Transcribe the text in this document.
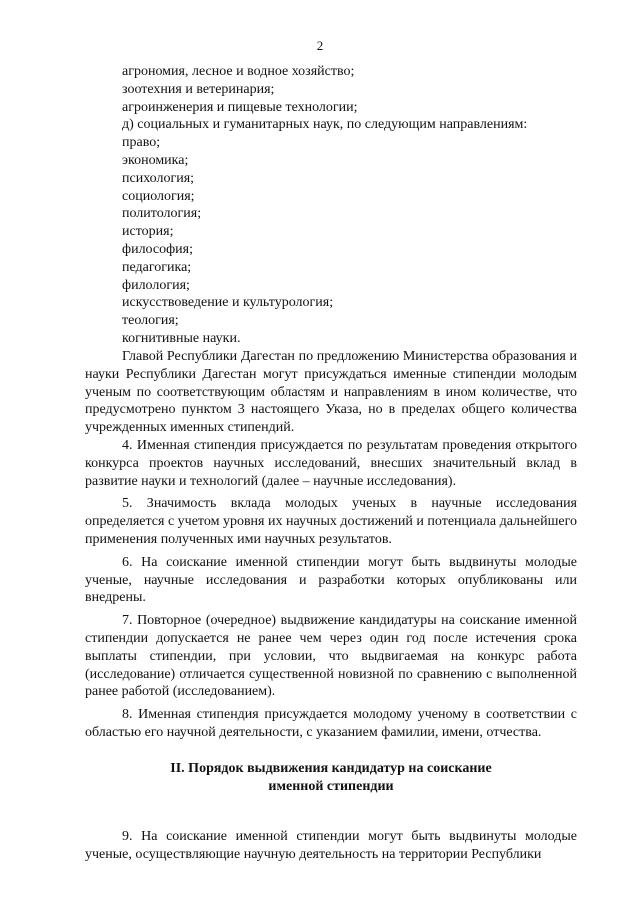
2
агрономия, лесное и водное хозяйство;
зоотехния и ветеринария;
агроинженерия и пищевые технологии;
д) социальных и гуманитарных наук, по следующим направлениям:
право;
экономика;
психология;
социология;
политология;
история;
философия;
педагогика;
филология;
искусствоведение и культурология;
теология;
когнитивные науки.
Главой Республики Дагестан по предложению Министерства образования и науки Республики Дагестан могут присуждаться именные стипендии молодым ученым по соответствующим областям и направлениям в ином количестве, что предусмотрено пунктом 3 настоящего Указа, но в пределах общего количества учрежденных именных стипендий.
4. Именная стипендия присуждается по результатам проведения открытого конкурса проектов научных исследований, внесших значительный вклад в развитие науки и технологий (далее – научные исследования).
5. Значимость вклада молодых ученых в научные исследования определяется с учетом уровня их научных достижений и потенциала дальнейшего применения полученных ими научных результатов.
6. На соискание именной стипендии могут быть выдвинуты молодые ученые, научные исследования и разработки которых опубликованы или внедрены.
7. Повторное (очередное) выдвижение кандидатуры на соискание именной стипендии допускается не ранее чем через один год после истечения срока выплаты стипендии, при условии, что выдвигаемая на конкурс работа (исследование) отличается существенной новизной по сравнению с выполненной ранее работой (исследованием).
8. Именная стипендия присуждается молодому ученому в соответствии с областью его научной деятельности, с указанием фамилии, имени, отчества.
II. Порядок выдвижения кандидатур на соискание
именной стипендии
9. На соискание именной стипендии могут быть выдвинуты молодые ученые, осуществляющие научную деятельность на территории Республики
